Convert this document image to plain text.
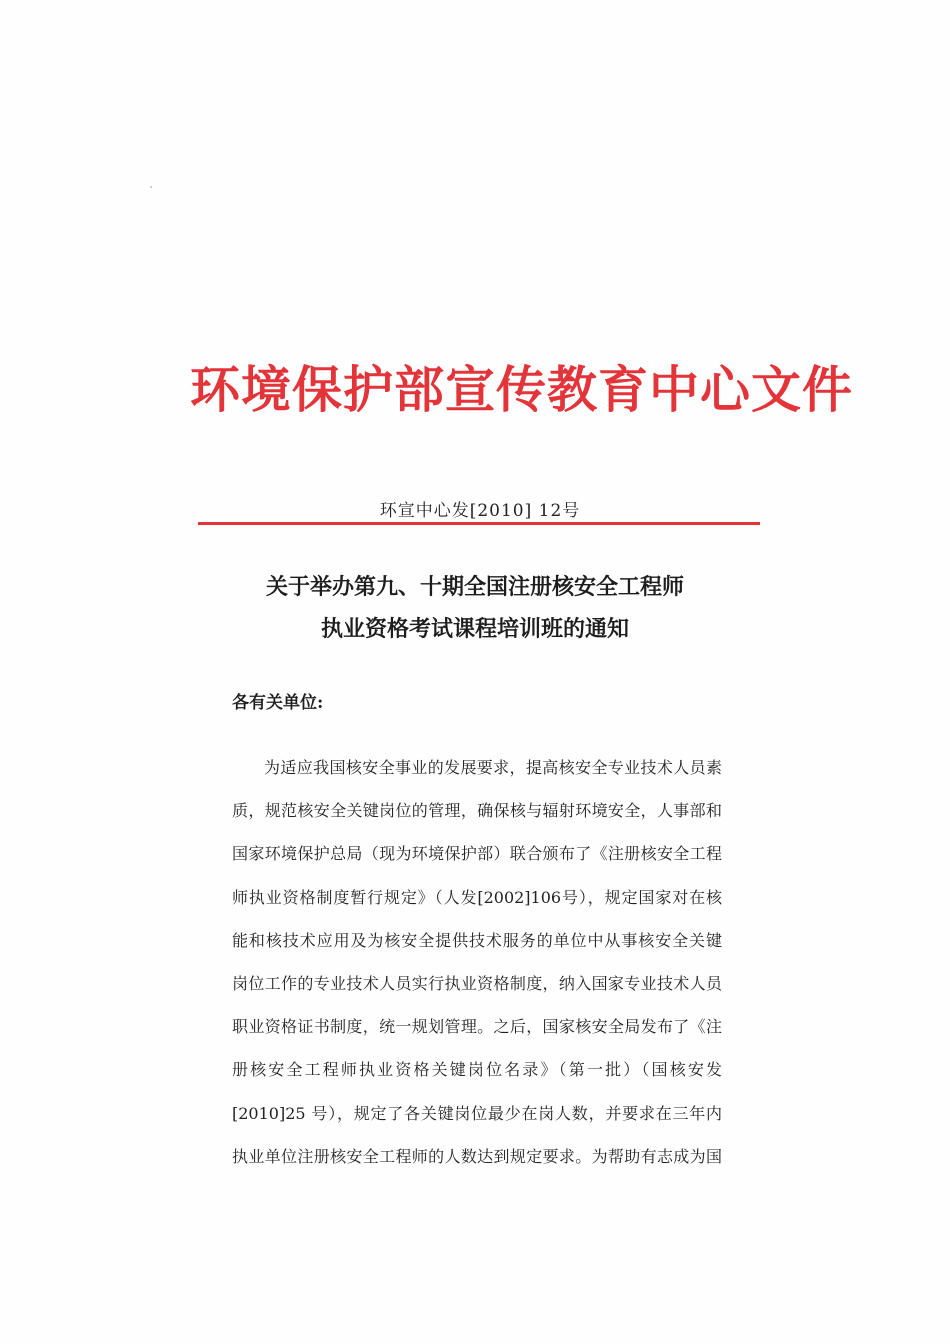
环境保护部宣传教育中心文件
环宣中心发[2010] 12号
关于举办第九、十期全国注册核安全工程师
执业资格考试课程培训班的通知
各有关单位:
为适应我国核安全事业的发展要求，提高核安全专业技术人员素
质，规范核安全关键岗位的管理，确保核与辐射环境安全，人事部和
国家环境保护总局（现为环境保护部）联合颁布了《注册核安全工程
师执业资格制度暂行规定》（人发[2002]106号），规定国家对在核
能和核技术应用及为核安全提供技术服务的单位中从事核安全关键
岗位工作的专业技术人员实行执业资格制度，纳入国家专业技术人员
职业资格证书制度，统一规划管理。之后，国家核安全局发布了《注
册核安全工程师执业资格关键岗位名录》（第一批）（国核安发
[2010]25 号），规定了各关键岗位最少在岗人数，并要求在三年内
执业单位注册核安全工程师的人数达到规定要求。为帮助有志成为国
